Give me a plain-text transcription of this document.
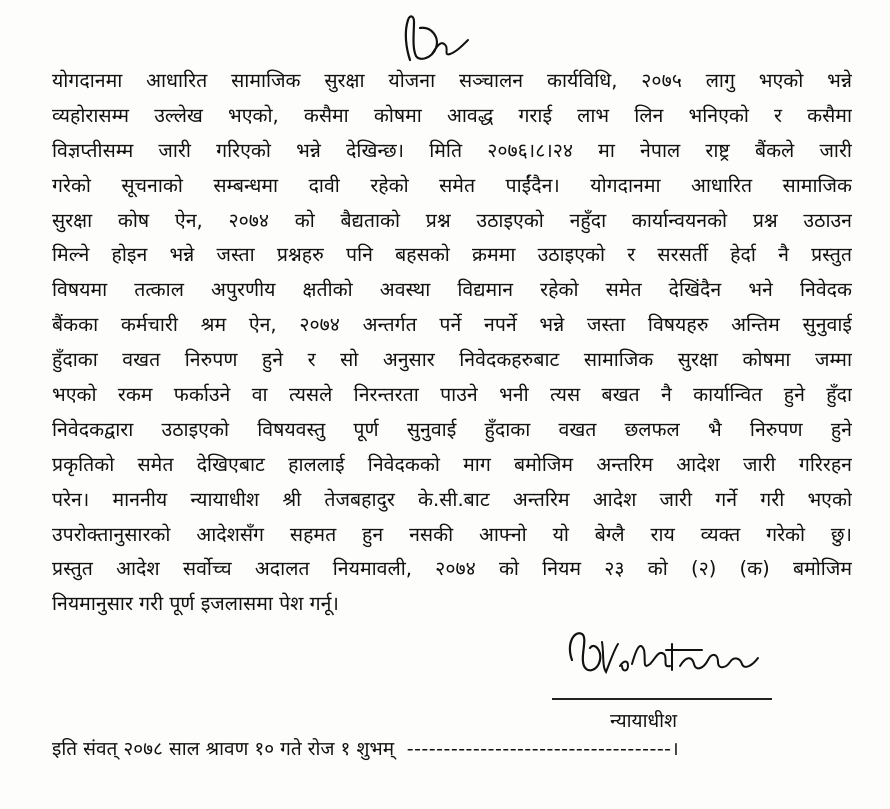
योगदानमा आधारित सामाजिक सुरक्षा योजना सञ्चालन कार्यविधि, २०७५ लागु भएको भन्ने
व्यहोरासम्म उल्लेख भएको, कसैमा कोषमा आवद्ध गराई लाभ लिन भनिएको र कसैमा
विज्ञप्तीसम्म जारी गरिएको भन्ने देखिन्छ। मिति २०७६।८।२४ मा नेपाल राष्ट्र बैंकले जारी
गरेको सूचनाको सम्बन्धमा दावी रहेको समेत पाईंदैन। योगदानमा आधारित सामाजिक
सुरक्षा कोष ऐन, २०७४ को बैद्यताको प्रश्न उठाइएको नहुँदा कार्यान्वयनको प्रश्न उठाउन
मिल्ने होइन भन्ने जस्ता प्रश्नहरु पनि बहसको क्रममा उठाइएको र सरसर्ती हेर्दा नै प्रस्तुत
विषयमा तत्काल अपुरणीय क्षतीको अवस्था विद्यमान रहेको समेत देखिंदैन भने निवेदक
बैंकका कर्मचारी श्रम ऐन, २०७४ अन्तर्गत पर्ने नपर्ने भन्ने जस्ता विषयहरु अन्तिम सुनुवाई
हुँदाका वखत निरुपण हुने र सो अनुसार निवेदकहरुबाट सामाजिक सुरक्षा कोषमा जम्मा
भएको रकम फर्काउने वा त्यसले निरन्तरता पाउने भनी त्यस बखत नै कार्यान्वित हुने हुँदा
निवेदकद्वारा उठाइएको विषयवस्तु पूर्ण सुनुवाई हुँदाका वखत छलफल भै निरुपण हुने
प्रकृतिको समेत देखिएबाट हाललाई निवेदकको माग बमोजिम अन्तरिम आदेश जारी गरिरहन
परेन। माननीय न्यायाधीश श्री तेजबहादुर के.सी.बाट अन्तरिम आदेश जारी गर्ने गरी भएको
उपरोक्तानुसारको आदेशसँग सहमत हुन नसकी आफ्नो यो बेग्लै राय व्यक्त गरेको छु।
प्रस्तुत आदेश सर्वोच्च अदालत नियमावली, २०७४ को नियम २३ को (२) (क) बमोजिम
नियमानुसार गरी पूर्ण इजलासमा पेश गर्नू।
न्यायाधीश
इति संवत् २०७८ साल श्रावण १० गते रोज १ शुभम्  ------------------------------------।
